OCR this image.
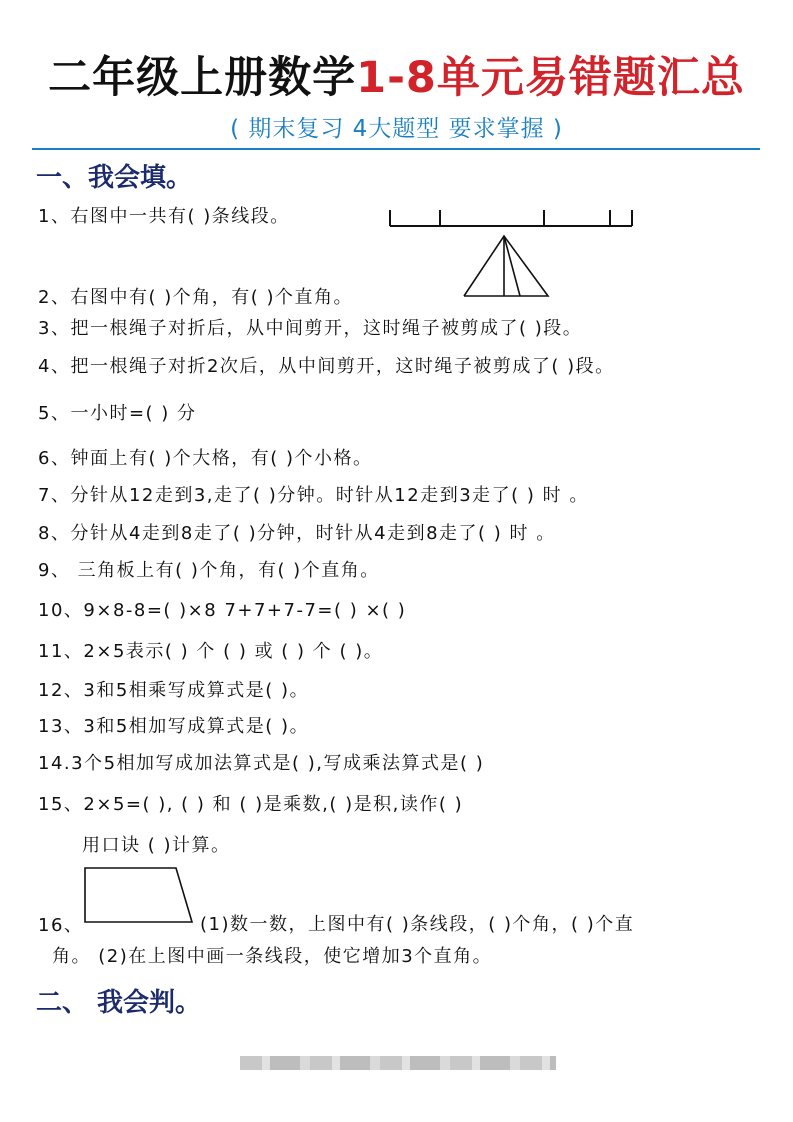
二年级上册数学1-8单元易错题汇总
( 期末复习 4大题型 要求掌握 )
一、我会填。
1、右图中一共有( )条线段。
2、右图中有( )个角，有( )个直角。
3、把一根绳子对折后，从中间剪开，这时绳子被剪成了( )段。
4、把一根绳子对折2次后，从中间剪开，这时绳子被剪成了( )段。
5、一小时=( ) 分
6、钟面上有( )个大格，有( )个小格。
7、分针从12走到3,走了( )分钟。时针从12走到3走了( ) 时 。
8、分针从4走到8走了( )分钟，时针从4走到8走了( ) 时 。
9、 三角板上有( )个角，有( )个直角。
10、9×8-8=( )×8 7+7+7-7=( ) ×( )
11、2×5表示( ) 个 ( ) 或 ( ) 个 ( )。
12、3和5相乘写成算式是( )。
13、3和5相加写成算式是( )。
14.3个5相加写成加法算式是( ),写成乘法算式是( )
15、2×5=( ), ( ) 和 ( )是乘数,( )是积,读作( )
用口诀 ( )计算。
16、	(1)数一数，上图中有( )条线段，( )个角，( )个直
角。 (2)在上图中画一条线段，使它增加3个直角。
二、 我会判。
